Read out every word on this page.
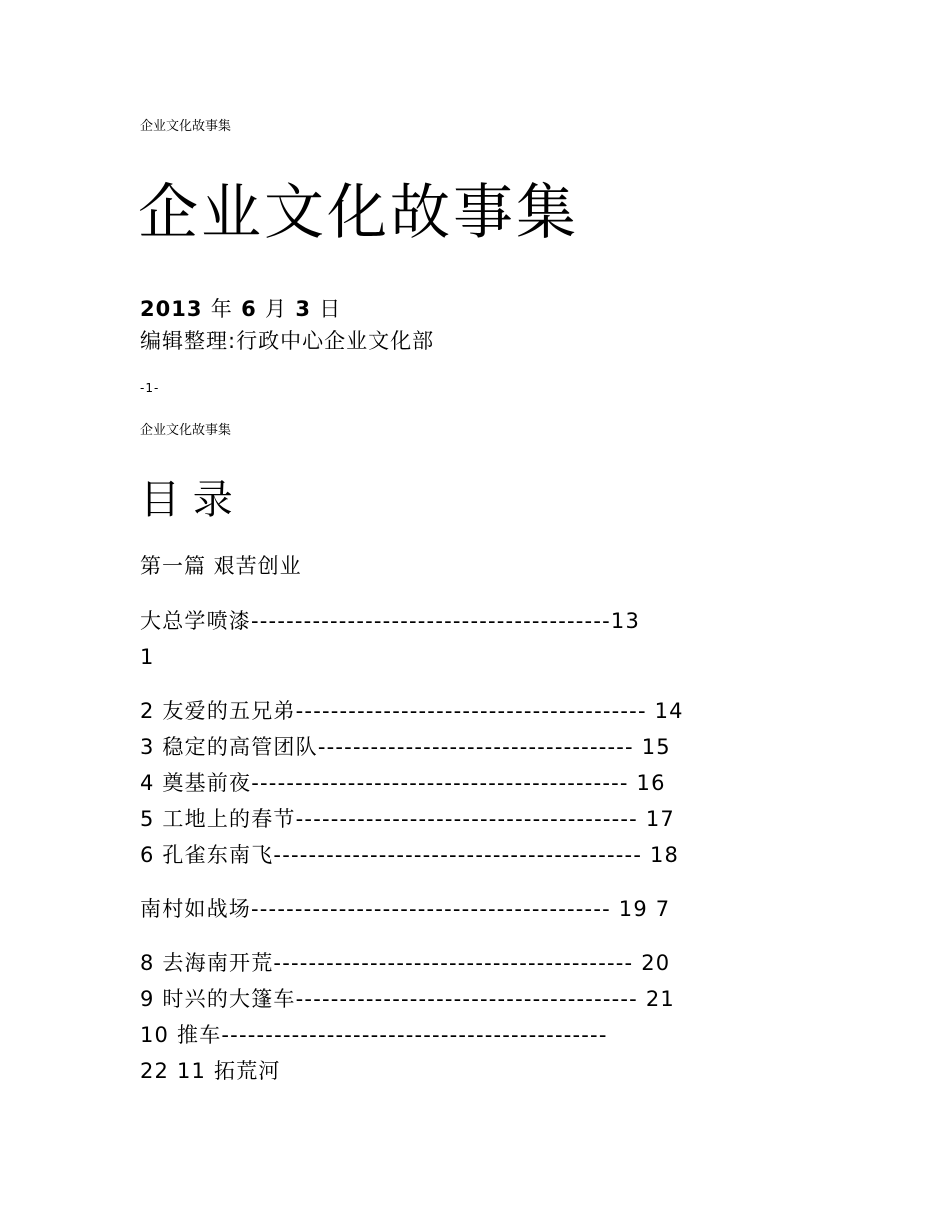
企业文化故事集
企业文化故事集

2013 年 6 月 3 日

编辑整理:行政中心企业文化部
-1-
企业文化故事集
目 录
第一篇 艰苦创业
大总学喷漆-----------------------------------------13
1
2 友爱的五兄弟---------------------------------------- 14
3 稳定的高管团队------------------------------------ 15
4 奠基前夜------------------------------------------- 16
5 工地上的春节--------------------------------------- 17
6 孔雀东南飞------------------------------------------ 18
南村如战场----------------------------------------- 19 7
8 去海南开荒----------------------------------------- 20
9 时兴的大篷车--------------------------------------- 21
10 推车--------------------------------------------
22 11 拓荒河
